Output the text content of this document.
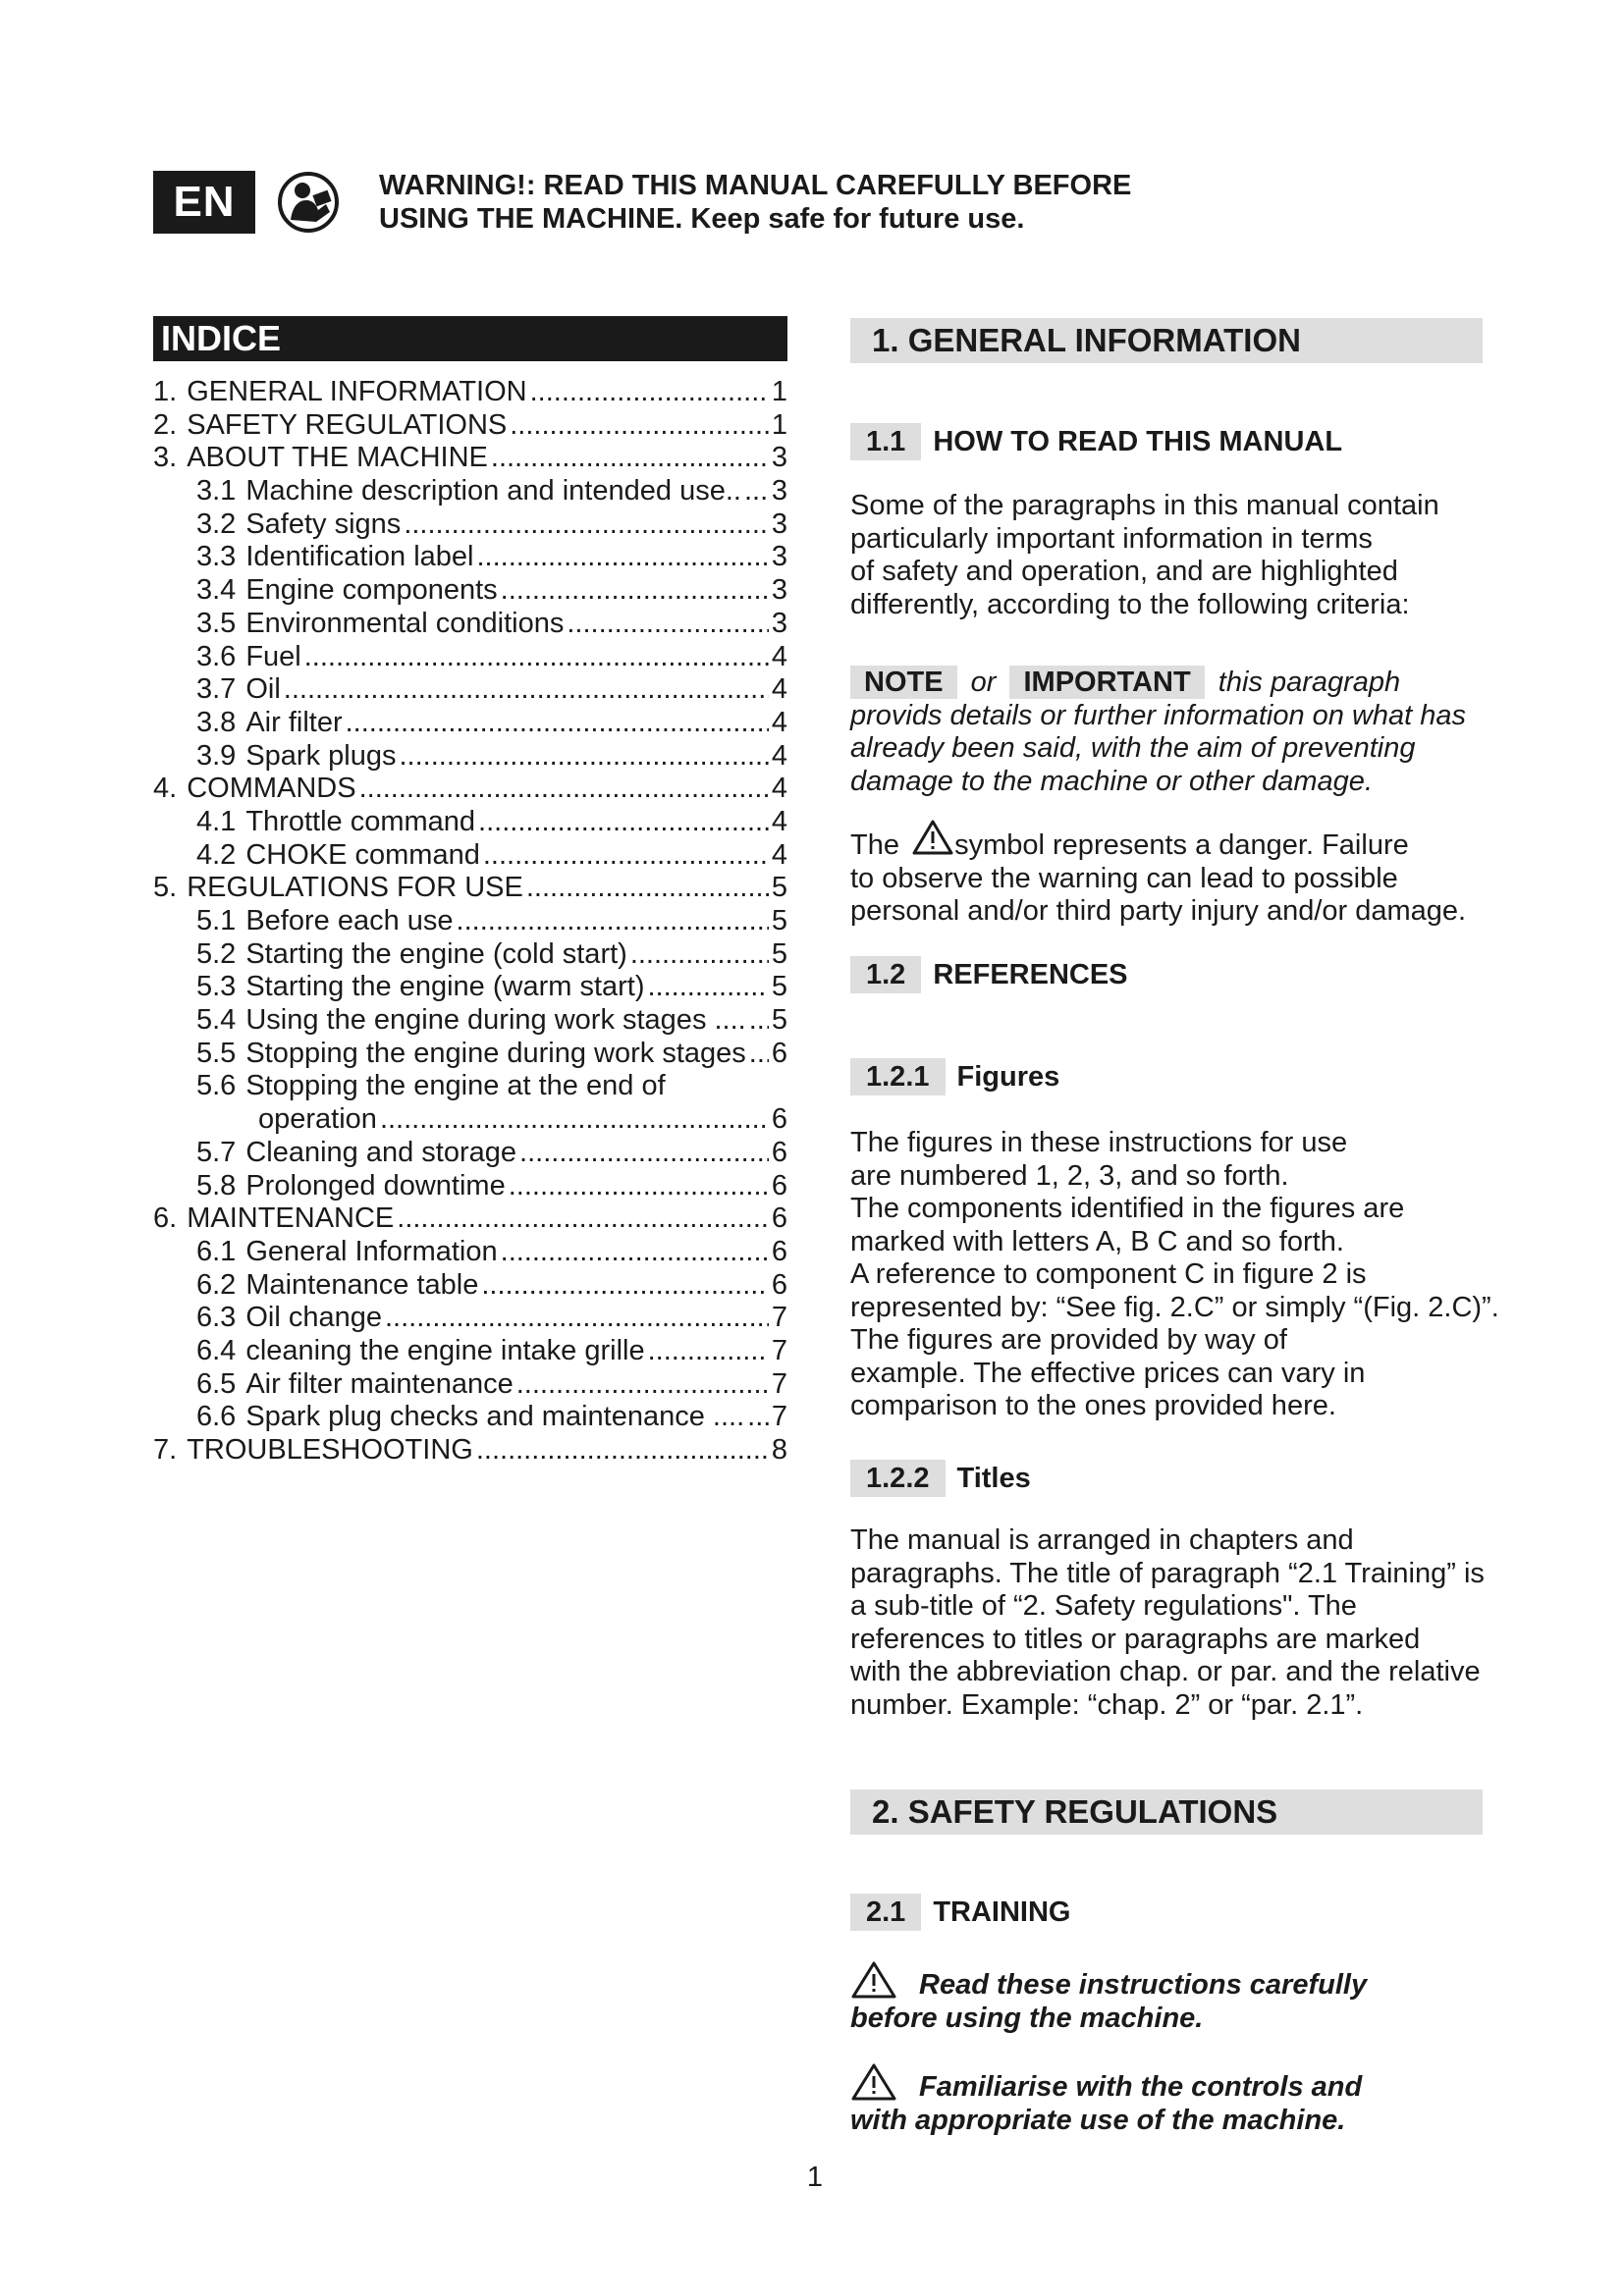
EN	WARNING!: READ THIS MANUAL CAREFULLY BEFORE
USING THE MACHINE. Keep safe for future use.
INDICE
1. GENERAL INFORMATION .....	1
2. SAFETY REGULATIONS .....	1
3. ABOUT THE MACHINE .....	3
3.1 Machine description and intended use.. ..... 3
3.2 Safety signs .....	3
3.3 Identification label .....	3
3.4 Engine components .....	3
3.5 Environmental conditions .....	3
3.6 Fuel .....	4
3.7 Oil .....	4
3.8 Air filter .....	4
3.9 Spark plugs .....	4
4. COMMANDS .....	4
4.1 Throttle command .....	4
4.2 CHOKE command .....	4
5. REGULATIONS FOR USE .....	5
5.1 Before each use .....	5
5.2 Starting the engine (cold start) .....	5
5.3 Starting the engine (warm start) .....	5
5.4 Using the engine during work stages .... ..... 5
5.5 Stopping the engine during work stages ..... 6
5.6 Stopping the engine at the end of
operation .....	6
5.7 Cleaning and storage .....	6
5.8 Prolonged downtime .....	6
6. MAINTENANCE .....	6
6.1 General Information .....	6
6.2 Maintenance table .....	6
6.3 Oil change .....	7
6.4 cleaning the engine intake grille .....	7
6.5 Air filter maintenance .....	7
6.6 Spark plug checks and maintenance .... ..... 7
7. TROUBLESHOOTING .....	8
1. GENERAL INFORMATION
1.1 HOW TO READ THIS MANUAL

Some of the paragraphs in this manual contain
particularly important information in terms
of safety and operation, and are highlighted
differently, according to the following criteria:

NOTE or IMPORTANT this paragraph
provids details or further information on what has
already been said, with the aim of preventing
damage to the machine or other damage.
The symbol represents a danger. Failure
to observe the warning can lead to possible
personal and/or third party injury and/or damage.
1.2 REFERENCES
1.2.1 Figures

The figures in these instructions for use
are numbered 1, 2, 3, and so forth.
The components identified in the figures are
marked with letters A, B C and so forth.
A reference to component C in figure 2 is
represented by: “See fig. 2.C” or simply “(Fig. 2.C)”.
The figures are provided by way of
example. The effective prices can vary in
comparison to the ones provided here.

1.2.2 Titles

The manual is arranged in chapters and
paragraphs. The title of paragraph “2.1 Training” is
a sub-title of “2. Safety regulations". The
references to titles or paragraphs are marked
with the abbreviation chap. or par. and the relative
number. Example: “chap. 2” or “par. 2.1”.

2. SAFETY REGULATIONS
2.1 TRAINING
Read these instructions carefully
before using the machine.
Familiarise with the controls and
with appropriate use of the machine.
1
